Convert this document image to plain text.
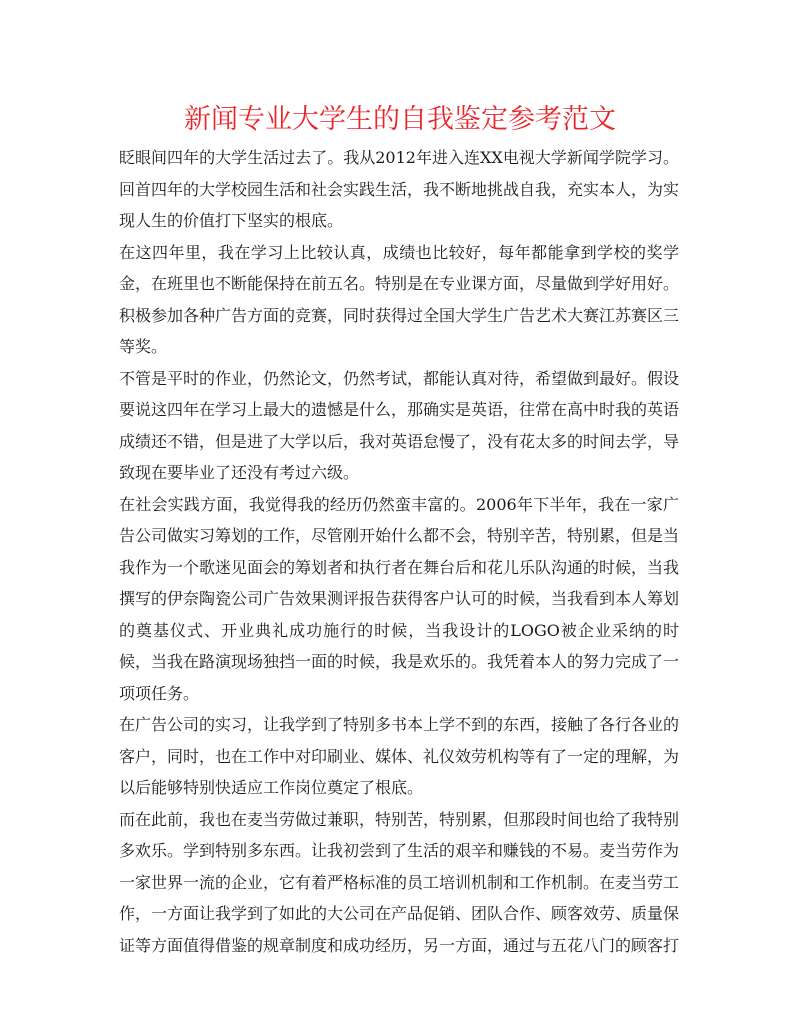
新闻专业大学生的自我鉴定参考范文

眨眼间四年的大学生活过去了。我从2012年进入连XX电视大学新闻学院学习。回首四年的大学校园生活和社会实践生活，我不断地挑战自我，充实本人，为实现人生的价值打下坚实的根底。

在这四年里，我在学习上比较认真，成绩也比较好，每年都能拿到学校的奖学金，在班里也不断能保持在前五名。特别是在专业课方面，尽量做到学好用好。积极参加各种广告方面的竞赛，同时获得过全国大学生广告艺术大赛江苏赛区三等奖。

不管是平时的作业，仍然论文，仍然考试，都能认真对待，希望做到最好。假设要说这四年在学习上最大的遗憾是什么，那确实是英语，往常在高中时我的英语成绩还不错，但是进了大学以后，我对英语怠慢了，没有花太多的时间去学，导致现在要毕业了还没有考过六级。

在社会实践方面，我觉得我的经历仍然蛮丰富的。2006年下半年，我在一家广告公司做实习筹划的工作，尽管刚开始什么都不会，特别辛苦，特别累，但是当我作为一个歌迷见面会的筹划者和执行者在舞台后和花儿乐队沟通的时候，当我撰写的伊奈陶瓷公司广告效果测评报告获得客户认可的时候，当我看到本人筹划的奠基仪式、开业典礼成功施行的时候，当我设计的LOGO被企业采纳的时候，当我在路演现场独挡一面的时候，我是欢乐的。我凭着本人的努力完成了一项项任务。

在广告公司的实习，让我学到了特别多书本上学不到的东西，接触了各行各业的客户，同时，也在工作中对印刷业、媒体、礼仪效劳机构等有了一定的理解，为以后能够特别快适应工作岗位奠定了根底。

而在此前，我也在麦当劳做过兼职，特别苦，特别累，但那段时间也给了我特别多欢乐。学到特别多东西。让我初尝到了生活的艰辛和赚钱的不易。麦当劳作为一家世界一流的企业，它有着严格标准的员工培训机制和工作机制。在麦当劳工作，一方面让我学到了如此的大公司在产品促销、团队合作、顾客效劳、质量保证等方面值得借鉴的规章制度和成功经历，另一方面，通过与五花八门的顾客打
